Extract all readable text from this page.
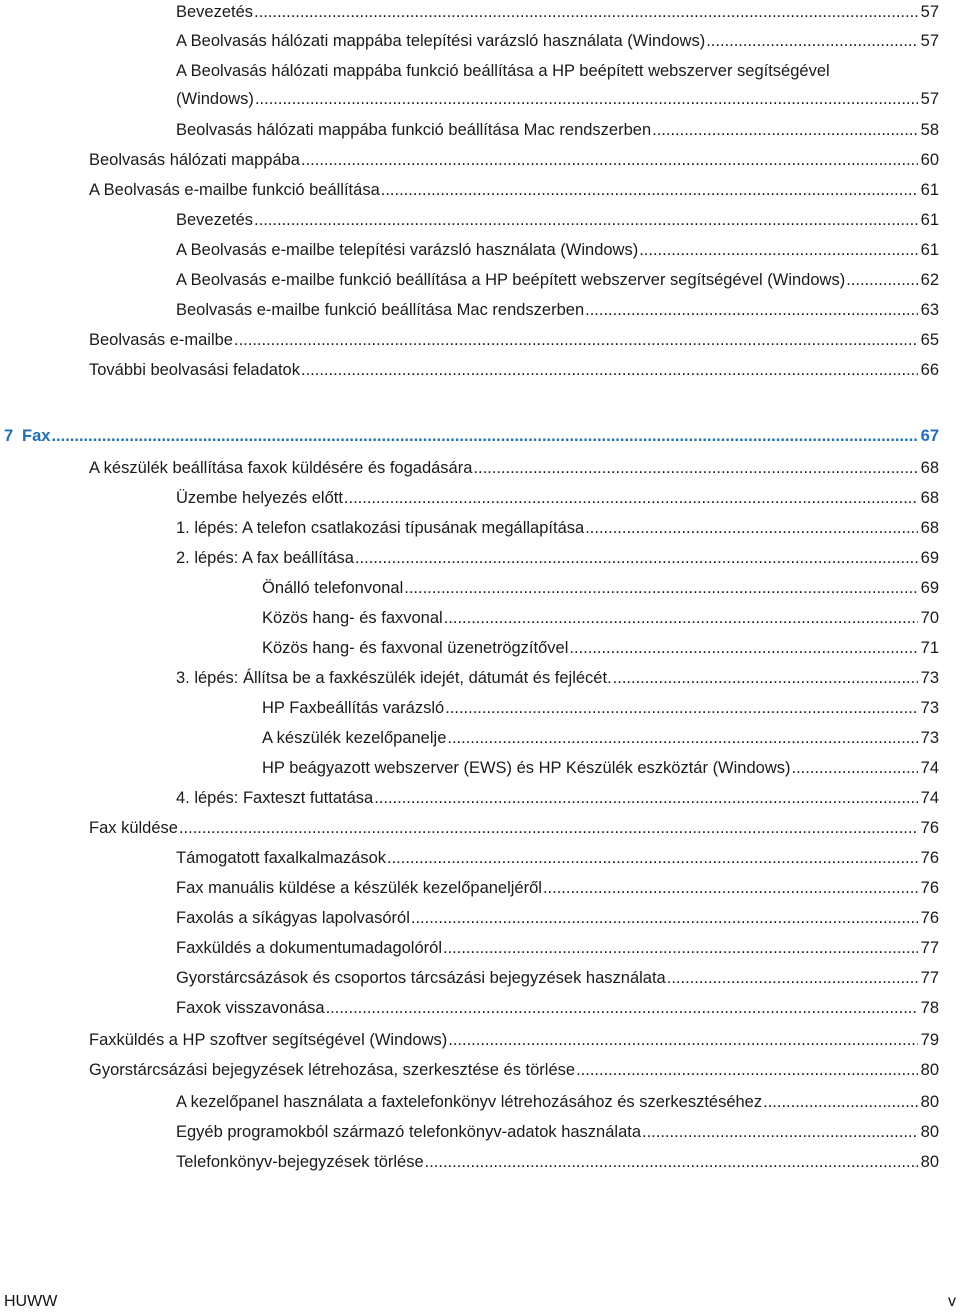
Bevezetés .....	57
A Beolvasás hálózati mappába telepítési varázsló használata (Windows) .....	57
A Beolvasás hálózati mappába funkció beállítása a HP beépített webszerver segítségével
(Windows) .....	57
Beolvasás hálózati mappába funkció beállítása Mac rendszerben .....	58
Beolvasás hálózati mappába .....	60
A Beolvasás e-mailbe funkció beállítása .....	61
Bevezetés .....	61
A Beolvasás e-mailbe telepítési varázsló használata (Windows) .....	61
A Beolvasás e-mailbe funkció beállítása a HP beépített webszerver segítségével (Windows) .....	62
Beolvasás e-mailbe funkció beállítása Mac rendszerben .....	63
Beolvasás e-mailbe .....	65
További beolvasási feladatok .....	66
7 Fax .....	67
A készülék beállítása faxok küldésére és fogadására .....	68
Üzembe helyezés előtt .....	68
1. lépés: A telefon csatlakozási típusának megállapítása .....	68
2. lépés: A fax beállítása .....	69
Önálló telefonvonal .....	69
Közös hang- és faxvonal .....	70
Közös hang- és faxvonal üzenetrögzítővel .....	71
3. lépés: Állítsa be a faxkészülék idejét, dátumát és fejlécét. .....	73
HP Faxbeállítás varázsló .....	73
A készülék kezelőpanelje .....	73
HP beágyazott webszerver (EWS) és HP Készülék eszköztár (Windows) .....	74
4. lépés: Faxteszt futtatása .....	74
Fax küldése .....	76
Támogatott faxalkalmazások .....	76
Fax manuális küldése a készülék kezelőpaneljéről .....	76
Faxolás a síkágyas lapolvasóról .....	76
Faxküldés a dokumentumadagolóról .....	77
Gyorstárcsázások és csoportos tárcsázási bejegyzések használata .....	77
Faxok visszavonása .....	78
Faxküldés a HP szoftver segítségével (Windows) .....	79
Gyorstárcsázási bejegyzések létrehozása, szerkesztése és törlése .....	80
A kezelőpanel használata a faxtelefonkönyv létrehozásához és szerkesztéséhez .....	80
Egyéb programokból származó telefonkönyv-adatok használata .....	80
Telefonkönyv-bejegyzések törlése .....	80
HUWW	v
